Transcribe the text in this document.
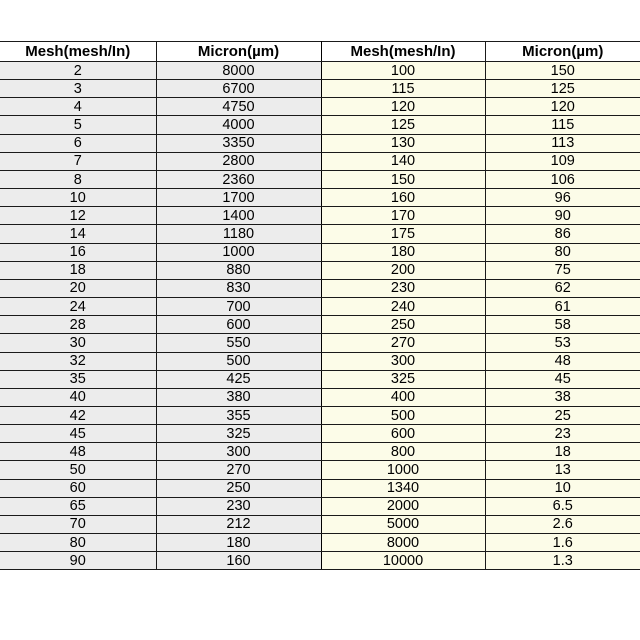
Mesh(mesh/In)	Micron(µm)	Mesh(mesh/In)	Micron(µm)
2	8000	100	150
3	6700	115	125
4	4750	120	120
5	4000	125	115
6	3350	130	113
7	2800	140	109
8	2360	150	106
10	1700	160	96
12	1400	170	90
14	1180	175	86
16	1000	180	80
18	880	200	75
20	830	230	62
24	700	240	61
28	600	250	58
30	550	270	53
32	500	300	48
35	425	325	45
40	380	400	38
42	355	500	25
45	325	600	23
48	300	800	18
50	270	1000	13
60	250	1340	10
65	230	2000	6.5
70	212	5000	2.6
80	180	8000	1.6
90	160	10000	1.3
